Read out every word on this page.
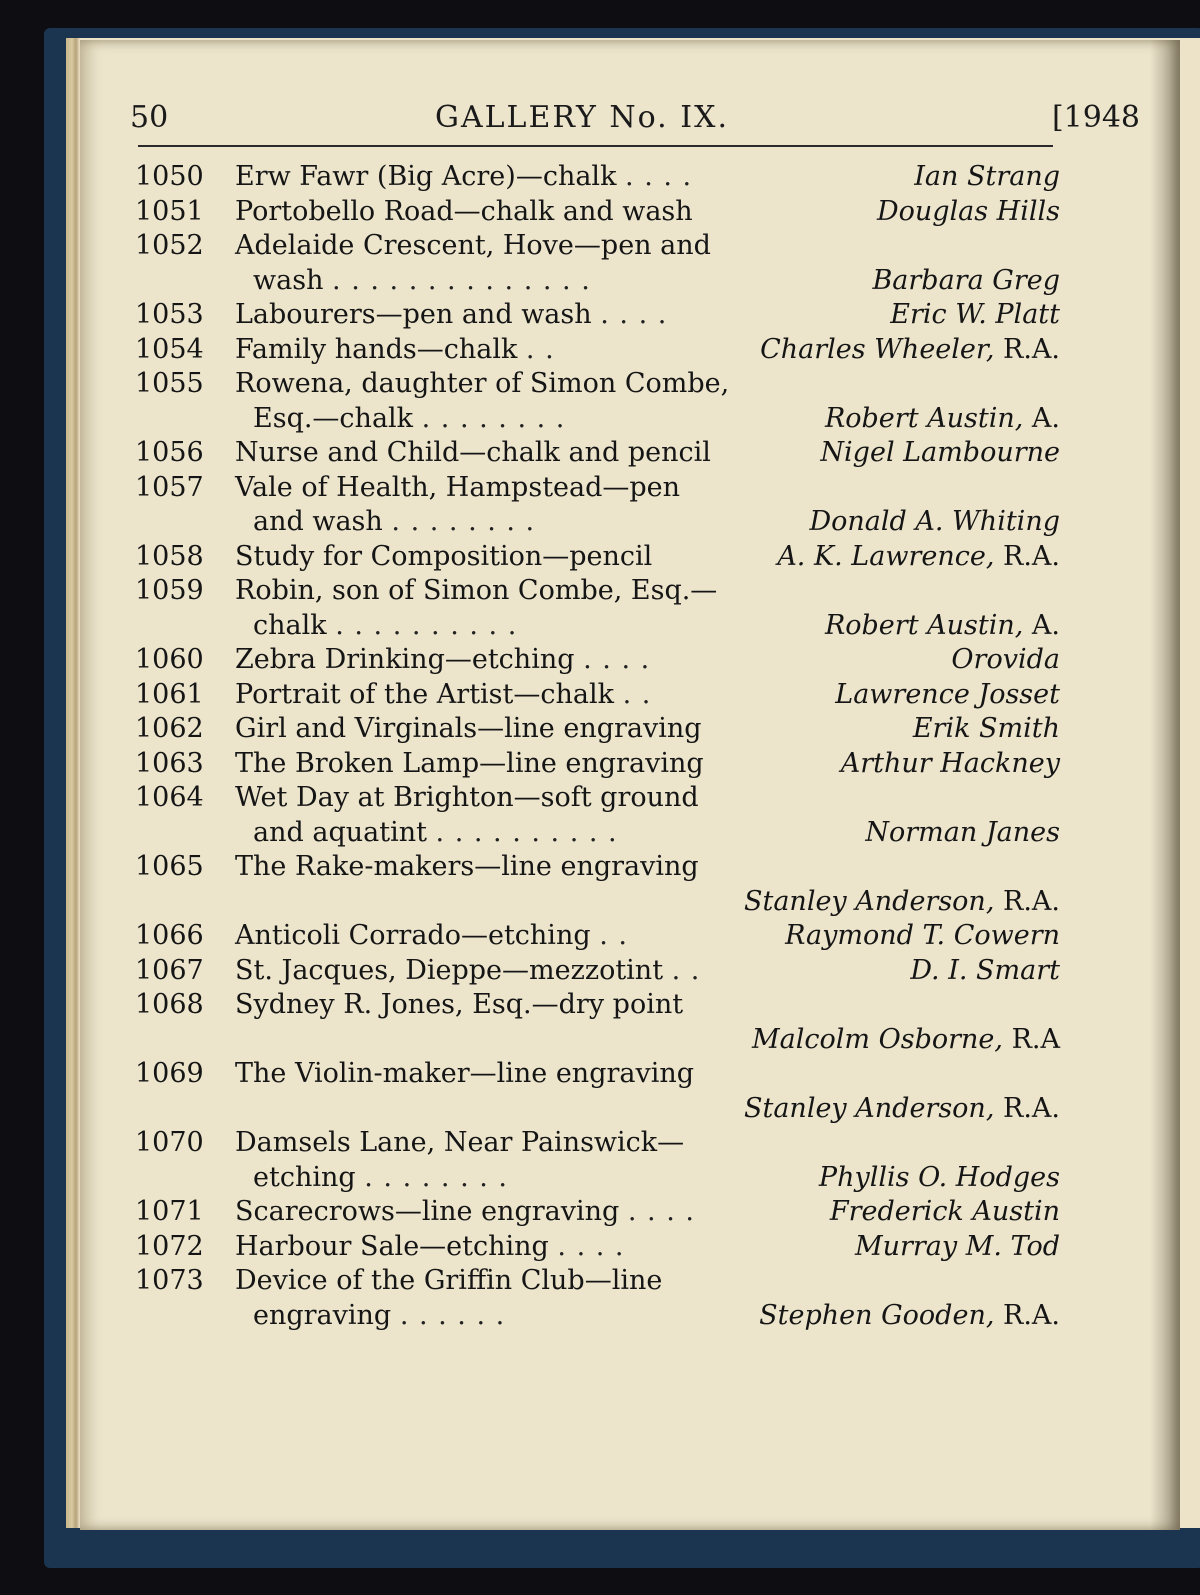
50	GALLERY No. IX.	[1948
1050 Erw Fawr (Big Acre)—chalk . . . .	Ian Strang
1051 Portobello Road—chalk and wash	Douglas Hills
1052 Adelaide Crescent, Hove—pen and
wash . . . . . . . . . . . . . .	Barbara Greg
1053 Labourers—pen and wash . . . .	Eric W. Platt
1054 Family hands—chalk . .	Charles Wheeler, R.A.
1055 Rowena, daughter of Simon Combe,
Esq.—chalk . . . . . . . .	Robert Austin, A.
1056 Nurse and Child—chalk and pencil	Nigel Lambourne
1057 Vale of Health, Hampstead—pen
and wash . . . . . . . .	Donald A. Whiting
1058 Study for Composition—pencil	A. K. Lawrence, R.A.
1059 Robin, son of Simon Combe, Esq.—
chalk . . . . . . . . . .	Robert Austin, A.
1060 Zebra Drinking—etching . . . .	Orovida
1061 Portrait of the Artist—chalk . .	Lawrence Josset
1062 Girl and Virginals—line engraving	Erik Smith
1063 The Broken Lamp—line engraving	Arthur Hackney
1064 Wet Day at Brighton—soft ground
and aquatint . . . . . . . . . .	Norman Janes
1065 The Rake-makers—line engraving
Stanley Anderson, R.A.
1066 Anticoli Corrado—etching . .	Raymond T. Cowern
1067 St. Jacques, Dieppe—mezzotint . .	D. I. Smart
1068 Sydney R. Jones, Esq.—dry point
Malcolm Osborne, R.A
1069 The Violin-maker—line engraving
Stanley Anderson, R.A.
1070 Damsels Lane, Near Painswick—
etching . . . . . . . .	Phyllis O. Hodges
1071 Scarecrows—line engraving . . . .	Frederick Austin
1072 Harbour Sale—etching . . . .	Murray M. Tod
1073 Device of the Griffin Club—line
engraving . . . . . .	Stephen Gooden, R.A.
